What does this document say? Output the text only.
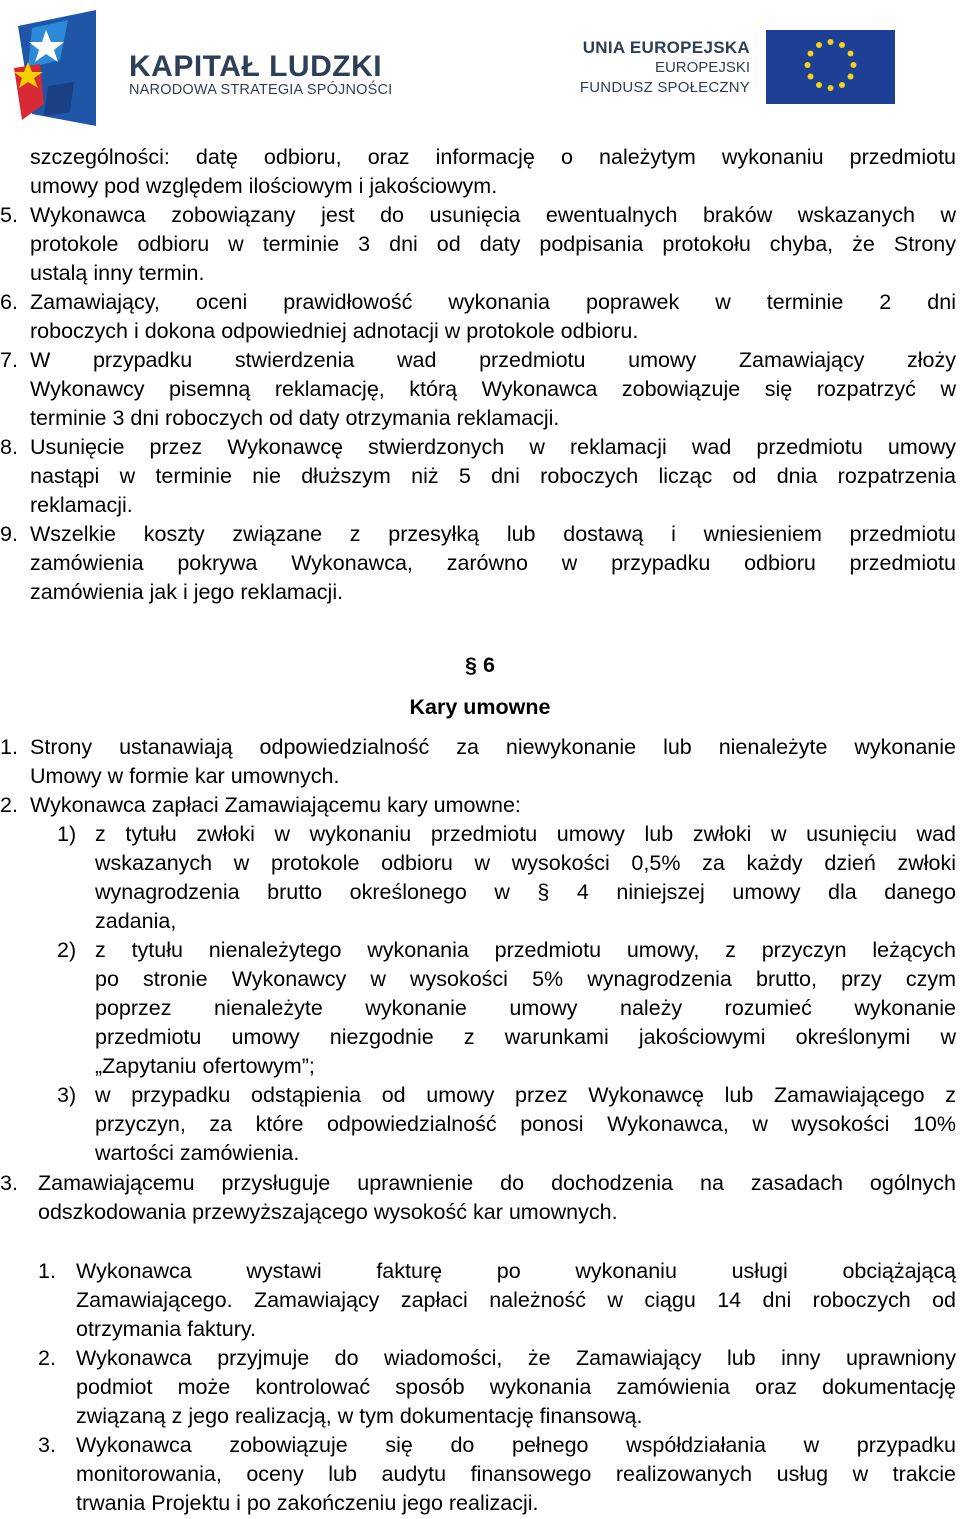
KAPITAŁ LUDZKI
NARODOWA STRATEGIA SPÓJNOŚCI
UNIA EUROPEJSKA
EUROPEJSKI
FUNDUSZ SPOŁECZNY
szczególności: datę odbioru, oraz informację o należytym wykonaniu przedmiotu
umowy pod względem ilościowym i jakościowym.
5. Wykonawca zobowiązany jest do usunięcia ewentualnych braków wskazanych w
protokole odbioru w terminie 3 dni od daty podpisania protokołu chyba, że Strony
ustalą inny termin.
6. Zamawiający, oceni prawidłowość wykonania poprawek w terminie 2 dni
roboczych i dokona odpowiedniej adnotacji w protokole odbioru.
7. W przypadku stwierdzenia wad przedmiotu umowy Zamawiający złoży
Wykonawcy pisemną reklamację, którą Wykonawca zobowiązuje się rozpatrzyć w
terminie 3 dni roboczych od daty otrzymania reklamacji.
8. Usunięcie przez Wykonawcę stwierdzonych w reklamacji wad przedmiotu umowy
nastąpi w terminie nie dłuższym niż 5 dni roboczych licząc od dnia rozpatrzenia
reklamacji.
9. Wszelkie koszty związane z przesyłką lub dostawą i wniesieniem przedmiotu
zamówienia pokrywa Wykonawca, zarówno w przypadku odbioru przedmiotu
zamówienia jak i jego reklamacji.
§ 6
Kary umowne
1. Strony ustanawiają odpowiedzialność za niewykonanie lub nienależyte wykonanie
Umowy w formie kar umownych.
2. Wykonawca zapłaci Zamawiającemu kary umowne:
1) z tytułu zwłoki w wykonaniu przedmiotu umowy lub zwłoki w usunięciu wad
wskazanych w protokole odbioru w wysokości 0,5% za każdy dzień zwłoki
wynagrodzenia brutto określonego w § 4 niniejszej umowy dla danego
zadania,
2) z tytułu nienależytego wykonania przedmiotu umowy, z przyczyn leżących
po stronie Wykonawcy w wysokości 5% wynagrodzenia brutto, przy czym
poprzez nienależyte wykonanie umowy należy rozumieć wykonanie
przedmiotu umowy niezgodnie z warunkami jakościowymi określonymi w
„Zapytaniu ofertowym”;
3) w przypadku odstąpienia od umowy przez Wykonawcę lub Zamawiającego z
przyczyn, za które odpowiedzialność ponosi Wykonawca, w wysokości 10%
wartości zamówienia.
3. Zamawiającemu przysługuje uprawnienie do dochodzenia na zasadach ogólnych
odszkodowania przewyższającego wysokość kar umownych.
1. Wykonawca wystawi fakturę po wykonaniu usługi obciążającą
Zamawiającego. Zamawiający zapłaci należność w ciągu 14 dni roboczych od
otrzymania faktury.
2. Wykonawca przyjmuje do wiadomości, że Zamawiający lub inny uprawniony
podmiot może kontrolować sposób wykonania zamówienia oraz dokumentację
związaną z jego realizacją, w tym dokumentację finansową.
3. Wykonawca zobowiązuje się do pełnego współdziałania w przypadku
monitorowania, oceny lub audytu finansowego realizowanych usług w trakcie
trwania Projektu i po zakończeniu jego realizacji.
